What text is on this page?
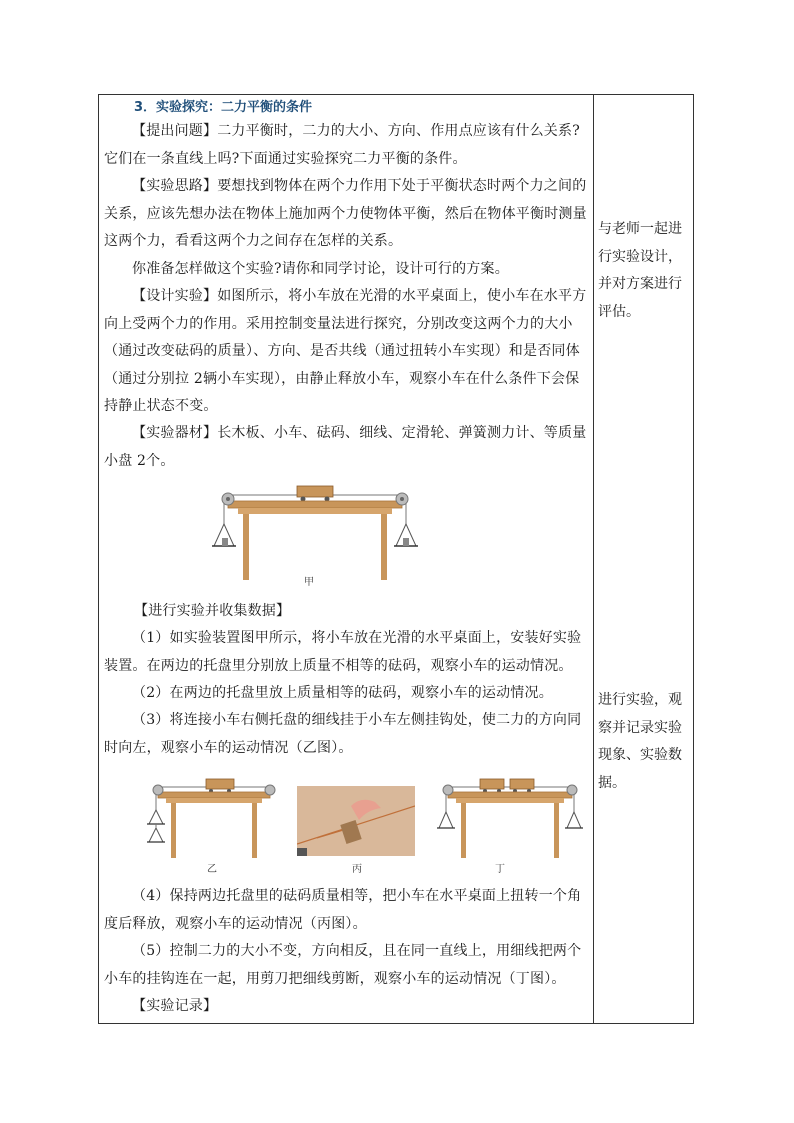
3．实验探究：二力平衡的条件
【提出问题】二力平衡时，二力的大小、方向、作用点应该有什么关系?它们在一条直线上吗?下面通过实验探究二力平衡的条件。
【实验思路】要想找到物体在两个力作用下处于平衡状态时两个力之间的关系，应该先想办法在物体上施加两个力使物体平衡，然后在物体平衡时测量这两个力，看看这两个力之间存在怎样的关系。
你准备怎样做这个实验?请你和同学讨论，设计可行的方案。
【设计实验】如图所示，将小车放在光滑的水平桌面上，使小车在水平方向上受两个力的作用。采用控制变量法进行探究，分别改变这两个力的大小（通过改变砝码的质量）、方向、是否共线（通过扭转小车实现）和是否同体（通过分别拉 2辆小车实现），由静止释放小车，观察小车在什么条件下会保持静止状态不变。
【实验器材】长木板、小车、砝码、细线、定滑轮、弹簧测力计、等质量小盘 2个。
甲
【进行实验并收集数据】
（1）如实验装置图甲所示，将小车放在光滑的水平桌面上，安装好实验装置。在两边的托盘里分别放上质量不相等的砝码，观察小车的运动情况。
（2）在两边的托盘里放上质量相等的砝码，观察小车的运动情况。
（3）将连接小车右侧托盘的细线挂于小车左侧挂钩处，使二力的方向同时向左，观察小车的运动情况（乙图）。
乙	丙	丁
（4）保持两边托盘里的砝码质量相等，把小车在水平桌面上扭转一个角度后释放，观察小车的运动情况（丙图）。
（5）控制二力的大小不变，方向相反，且在同一直线上，用细线把两个小车的挂钩连在一起，用剪刀把细线剪断，观察小车的运动情况（丁图）。
【实验记录】
与老师一起进行实验设计，并对方案进行评估。
进行实验，观察并记录实验现象、实验数据。
